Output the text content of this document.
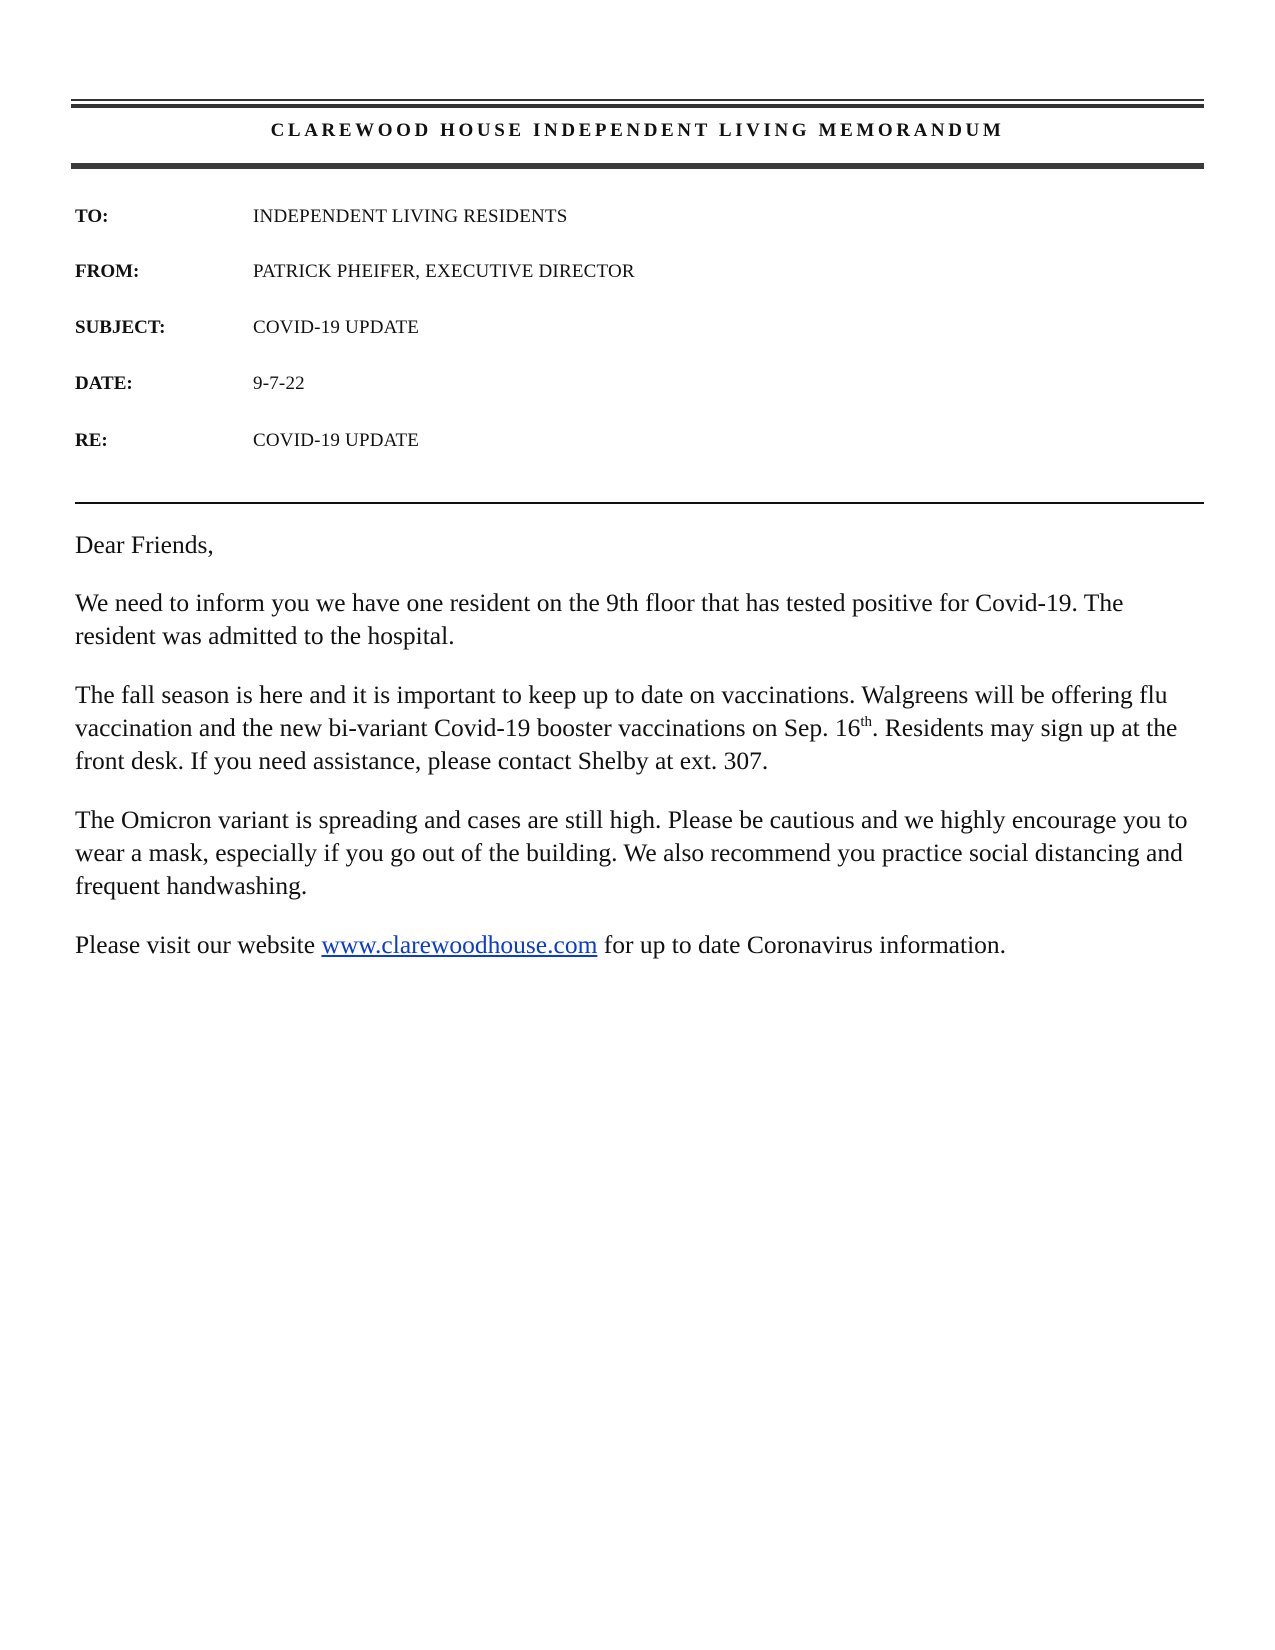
CLAREWOOD HOUSE INDEPENDENT LIVING MEMORANDUM
TO:	INDEPENDENT LIVING RESIDENTS
FROM:	PATRICK PHEIFER, EXECUTIVE DIRECTOR
SUBJECT:	COVID-19 UPDATE
DATE:	9-7-22
RE:	COVID-19 UPDATE

Dear Friends,

We need to inform you we have one resident on the 9th floor that has tested positive for Covid-19. The resident was admitted to the hospital.

The fall season is here and it is important to keep up to date on vaccinations. Walgreens will be offering flu vaccination and the new bi-variant Covid-19 booster vaccinations on Sep. 16th. Residents may sign up at the front desk. If you need assistance, please contact Shelby at ext. 307.

The Omicron variant is spreading and cases are still high. Please be cautious and we highly encourage you to wear a mask, especially if you go out of the building. We also recommend you practice social distancing and frequent handwashing.

Please visit our website www.clarewoodhouse.com for up to date Coronavirus information.
